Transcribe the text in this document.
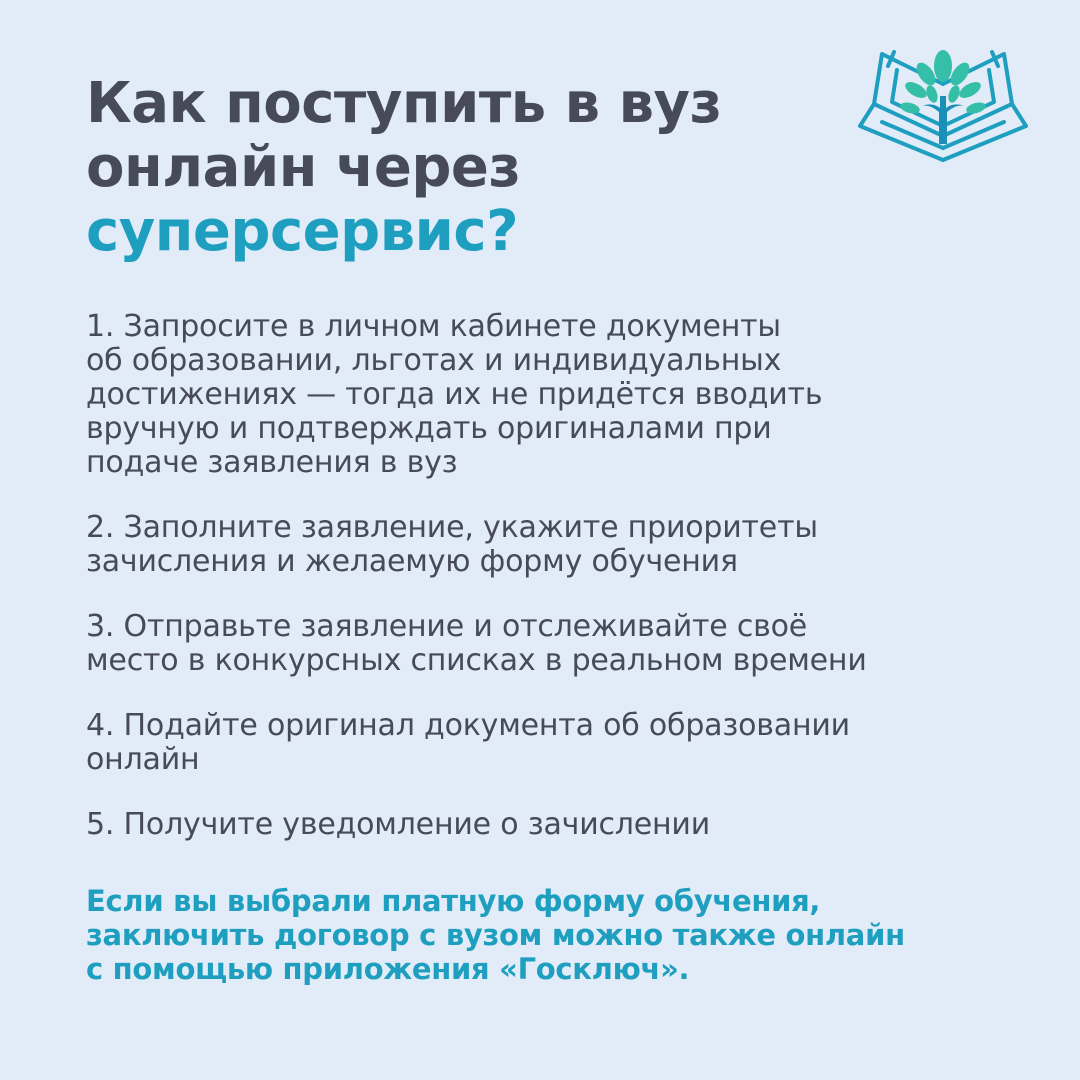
Как поступить в вуз
онлайн через
суперсервис?
1. Запросите в личном кабинете документы
об образовании, льготах и индивидуальных
достижениях — тогда их не придётся вводить
вручную и подтверждать оригиналами при
подаче заявления в вуз
2. Заполните заявление, укажите приоритеты
зачисления и желаемую форму обучения
3. Отправьте заявление и отслеживайте своё
место в конкурсных списках в реальном времени
4. Подайте оригинал документа об образовании
онлайн
5. Получите уведомление о зачислении

Если вы выбрали платную форму обучения,
заключить договор с вузом можно также онлайн
с помощью приложения «Госключ».
